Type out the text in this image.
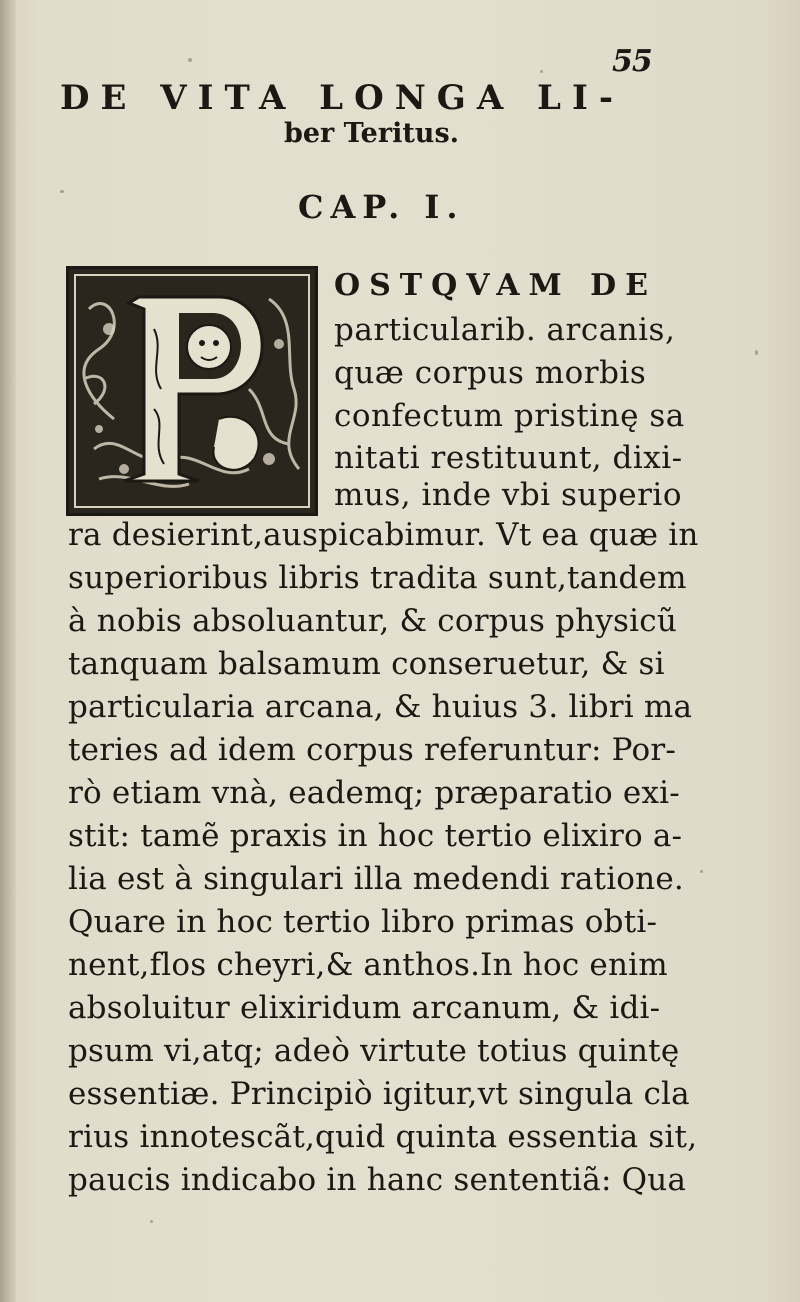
55
DE VITA LONGA LI-
ber Teritus.
CAP. I.
OSTQVAM DE
particularib. arcanis,
quæ corpus morbis
confectum pristinę sa
nitati restituunt, dixi-
mus, inde vbi superio
ra desierint,auspicabimur. Vt ea quæ in
superioribus libris tradita sunt,tandem
à nobis absoluantur, & corpus physicũ
tanquam balsamum conseruetur, & si
particularia arcana, & huius 3. libri ma
teries ad idem corpus referuntur: Por-
rò etiam vnà, eademq; præparatio exi-
stit: tamẽ praxis in hoc tertio elixiro a-
lia est à singulari illa medendi ratione.
Quare in hoc tertio libro primas obti-
nent,flos cheyri,& anthos.In hoc enim
absoluitur elixiridum arcanum, & idi-
psum vi,atq; adeò virtute totius quintę
essentiæ. Principiò igitur,vt singula cla
rius innotescãt,quid quinta essentia sit,
paucis indicabo in hanc sententiã: Qua
